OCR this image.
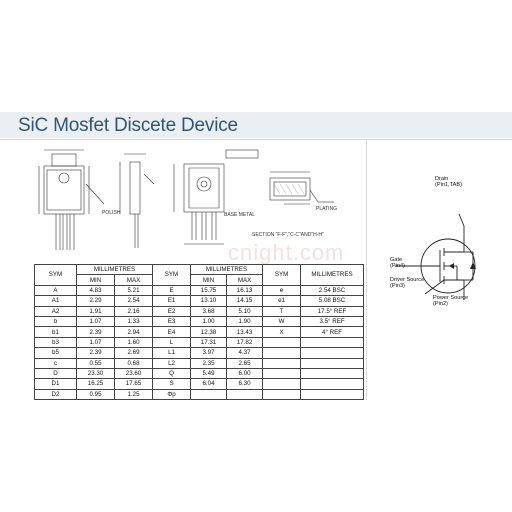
SiC Mosfet Discete Device
POLISH	BASE METAL
PLATING
SECTION "F-F","C-C"AND"H-H"
cnight.com
Drain
(Pin1,TAB)
Gate
(Pin4)
Driver Source
(Pin3)
Power Source
(Pin2)
SYM	MILLIMETRES		SYM	MILLIMETRES		SYM	MILLIMETRES
	MIN	MAX		MIN	MAX		
A	4.83	5.21	E	15.75	16.13	e	2.54 BSC
A1	2.29	2.54	E1	13.10	14.15	e1	5.08 BSC
A2	1.91	2.16	E2	3.68	5.10	T	17.5° REF
b	1.07	1.33	E3	1.00	1.90	W	3.5° REF
b1	2.39	2.94	E4	12.38	13.43	X	4° REF
b3	1.07	1.60	L	17.31	17.82		
b5	2.39	2.69	L1	3.97	4.37		
c	0.55	0.68	L2	2.35	2.65		
D	23.30	23.60	Q	5.49	6.00		
D1	16.25	17.65	S	6.04	6.30		
D2	0.95	1.25	Φp				
